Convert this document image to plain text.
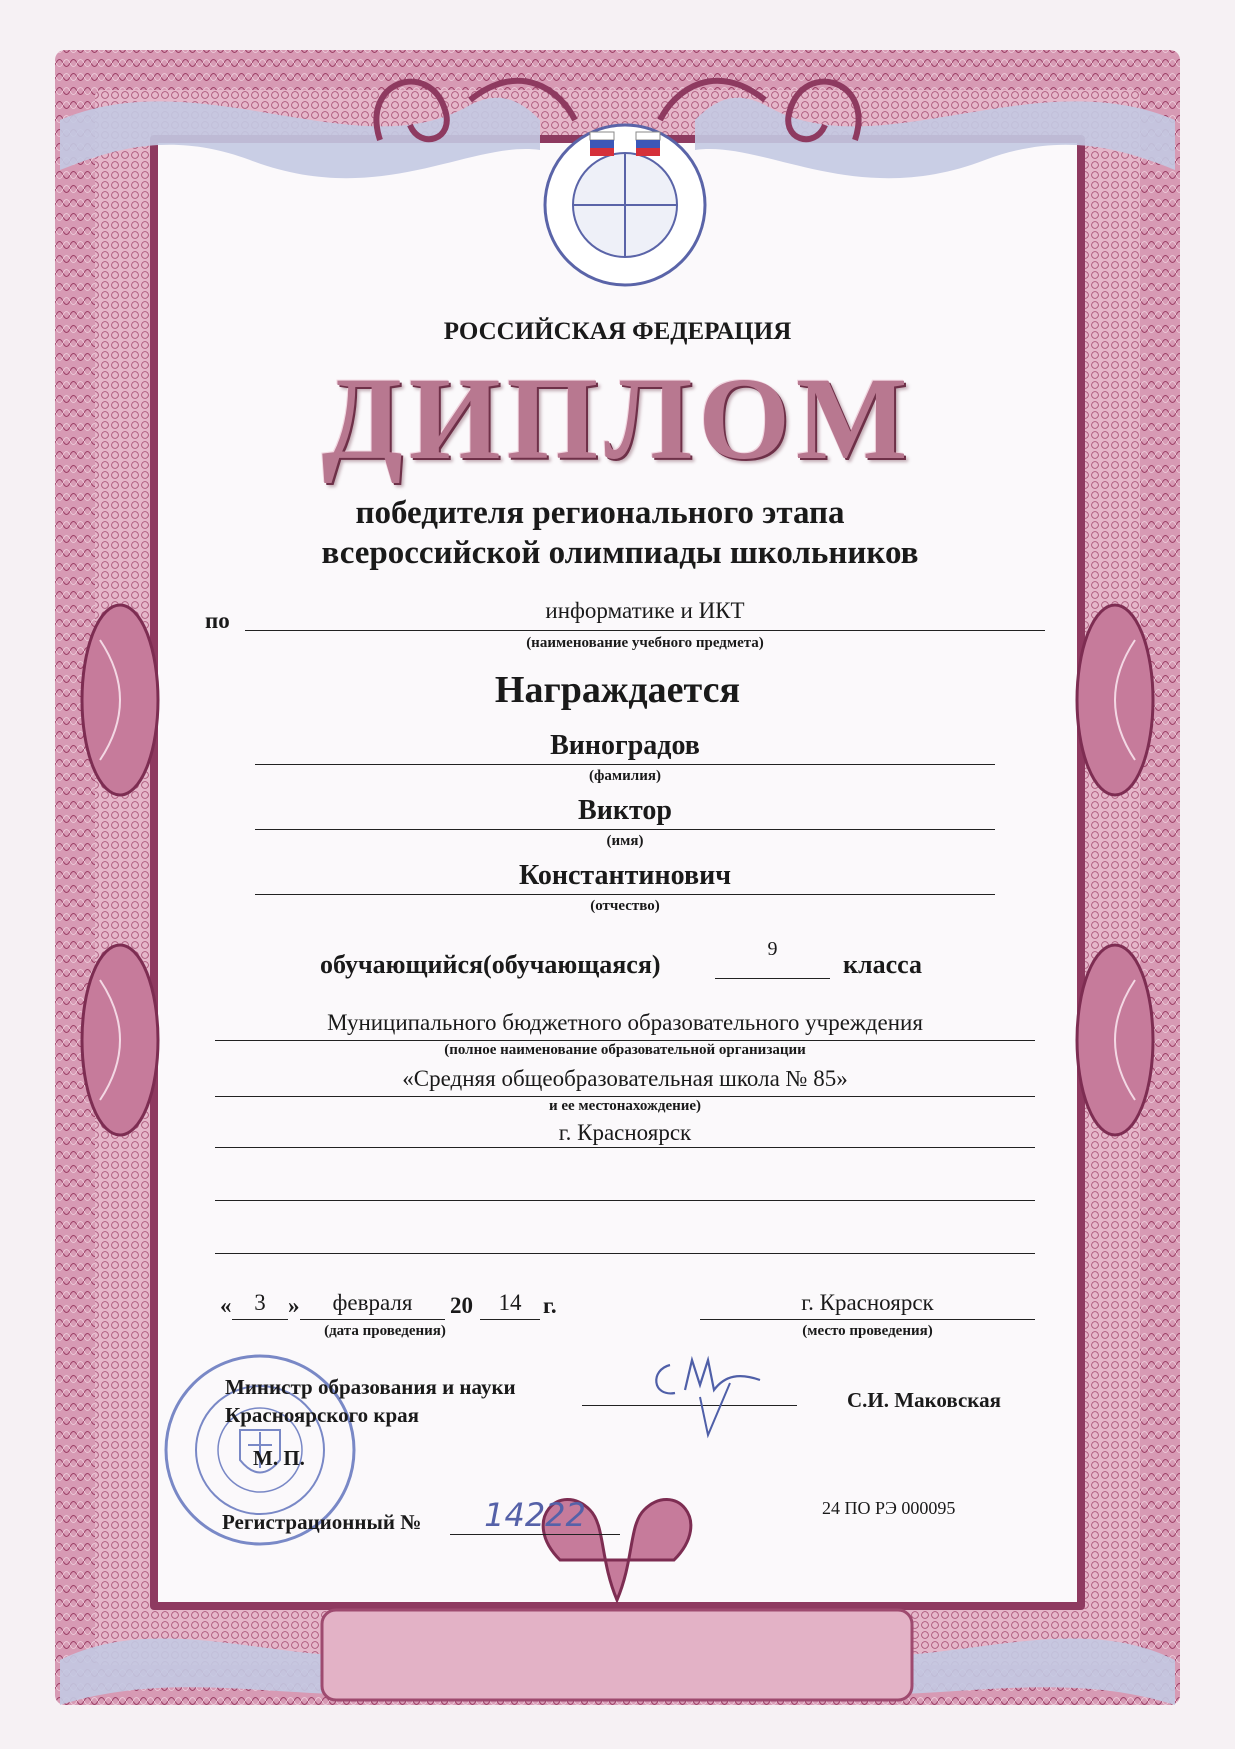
РОССИЙСКАЯ ФЕДЕРАЦИЯ
ДИПЛОМ
победителя регионального этапа
всероссийской олимпиады школьников
по	информатике и ИКТ
(наименование учебного предмета)
Награждается
Виноградов
(фамилия)
Виктор
(имя)
Константинович
(отчество)
обучающийся(обучающаяся)
9
класса
Муниципального бюджетного образовательного учреждения
(полное наименование образовательной организации
«Средняя общеобразовательная школа № 85»
и ее местонахождение)
г. Красноярск
« 3 »	февраля	20	14 г.
(дата проведения)
г. Красноярск
(место проведения)
Министр образования и науки
Красноярского края
С.И. Маковская
М. П.
Регистрационный №	14222	24 ПО РЭ 000095
